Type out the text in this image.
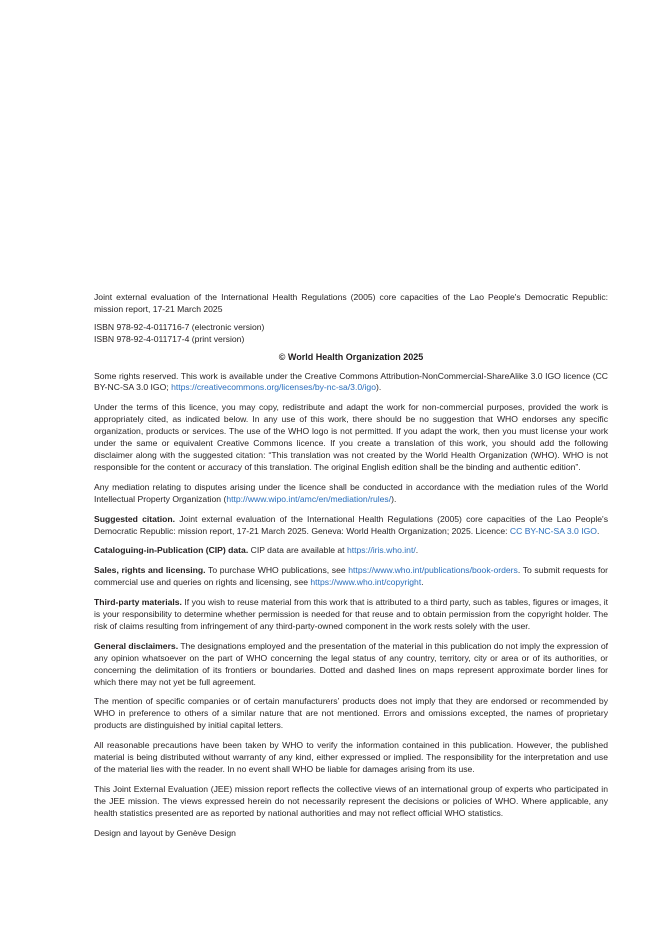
Joint external evaluation of the International Health Regulations (2005) core capacities of the Lao People's Democratic Republic: mission report, 17-21 March 2025

ISBN 978-92-4-011716-7 (electronic version)

ISBN 978-92-4-011717-4 (print version)

© World Health Organization 2025

Some rights reserved. This work is available under the Creative Commons Attribution-NonCommercial-ShareAlike 3.0 IGO licence (CC BY-NC-SA 3.0 IGO; https://creativecommons.org/licenses/by-nc-sa/3.0/igo).

Under the terms of this licence, you may copy, redistribute and adapt the work for non-commercial purposes, provided the work is appropriately cited, as indicated below. In any use of this work, there should be no suggestion that WHO endorses any specific organization, products or services. The use of the WHO logo is not permitted. If you adapt the work, then you must license your work under the same or equivalent Creative Commons licence. If you create a translation of this work, you should add the following disclaimer along with the suggested citation: “This translation was not created by the World Health Organization (WHO). WHO is not responsible for the content or accuracy of this translation. The original English edition shall be the binding and authentic edition”.

Any mediation relating to disputes arising under the licence shall be conducted in accordance with the mediation rules of the World Intellectual Property Organization (http://www.wipo.int/amc/en/mediation/rules/).

Suggested citation. Joint external evaluation of the International Health Regulations (2005) core capacities of the Lao People's Democratic Republic: mission report, 17-21 March 2025. Geneva: World Health Organization; 2025. Licence: CC BY-NC-SA 3.0 IGO.

Cataloguing-in-Publication (CIP) data. CIP data are available at https://iris.who.int/.

Sales, rights and licensing. To purchase WHO publications, see https://www.who.int/publications/book-orders. To submit requests for commercial use and queries on rights and licensing, see https://www.who.int/copyright.

Third-party materials. If you wish to reuse material from this work that is attributed to a third party, such as tables, figures or images, it is your responsibility to determine whether permission is needed for that reuse and to obtain permission from the copyright holder. The risk of claims resulting from infringement of any third-party-owned component in the work rests solely with the user.

General disclaimers. The designations employed and the presentation of the material in this publication do not imply the expression of any opinion whatsoever on the part of WHO concerning the legal status of any country, territory, city or area or of its authorities, or concerning the delimitation of its frontiers or boundaries. Dotted and dashed lines on maps represent approximate border lines for which there may not yet be full agreement.

The mention of specific companies or of certain manufacturers’ products does not imply that they are endorsed or recommended by WHO in preference to others of a similar nature that are not mentioned. Errors and omissions excepted, the names of proprietary products are distinguished by initial capital letters.

All reasonable precautions have been taken by WHO to verify the information contained in this publication. However, the published material is being distributed without warranty of any kind, either expressed or implied. The responsibility for the interpretation and use of the material lies with the reader. In no event shall WHO be liable for damages arising from its use.

This Joint External Evaluation (JEE) mission report reflects the collective views of an international group of experts who participated in the JEE mission. The views expressed herein do not necessarily represent the decisions or policies of WHO. Where applicable, any health statistics presented are as reported by national authorities and may not reflect official WHO statistics.

Design and layout by Genève Design
